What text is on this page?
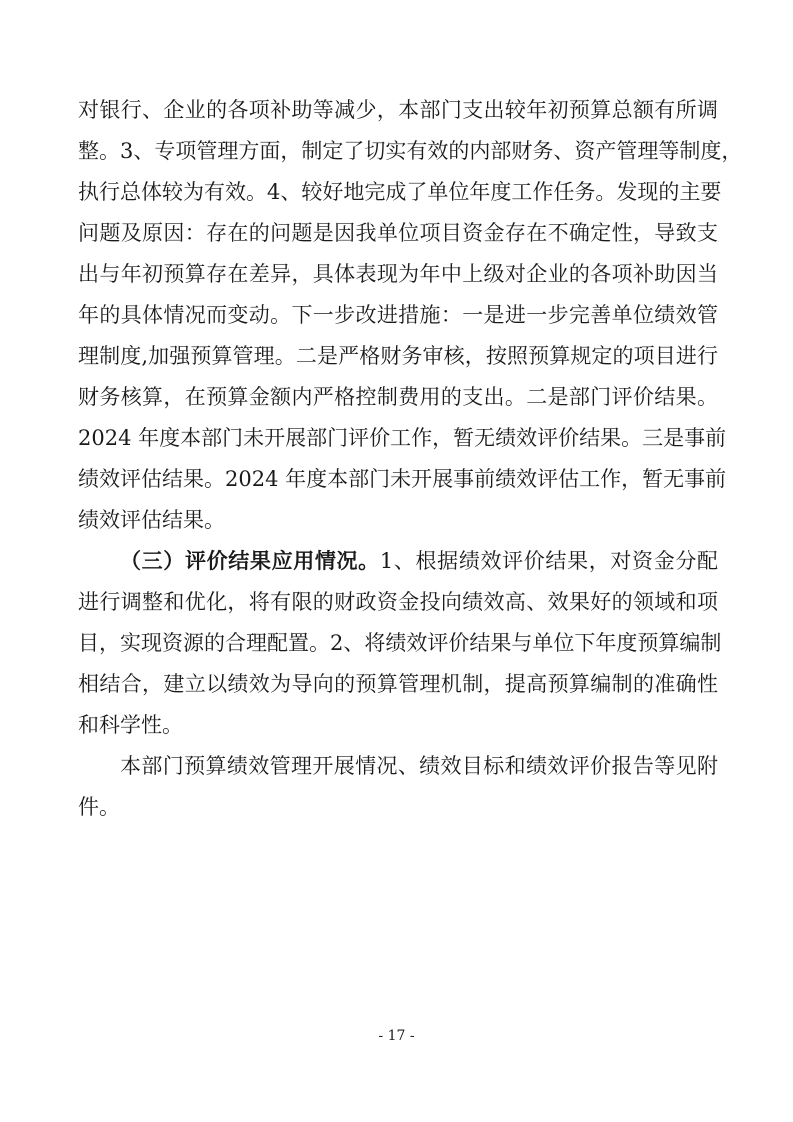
对银行、企业的各项补助等减少，本部门支出较年初预算总额有所调
整。3、专项管理方面，制定了切实有效的内部财务、资产管理等制度，
执行总体较为有效。4、较好地完成了单位年度工作任务。发现的主要
问题及原因：存在的问题是因我单位项目资金存在不确定性，导致支
出与年初预算存在差异，具体表现为年中上级对企业的各项补助因当
年的具体情况而变动。下一步改进措施：一是进一步完善单位绩效管
理制度,加强预算管理。二是严格财务审核，按照预算规定的项目进行
财务核算，在预算金额内严格控制费用的支出。二是部门评价结果。
2024 年度本部门未开展部门评价工作，暂无绩效评价结果。三是事前
绩效评估结果。2024 年度本部门未开展事前绩效评估工作，暂无事前
绩效评估结果。
（三）评价结果应用情况。1、根据绩效评价结果，对资金分配
进行调整和优化，将有限的财政资金投向绩效高、效果好的领域和项
目，实现资源的合理配置。2、将绩效评价结果与单位下年度预算编制
相结合，建立以绩效为导向的预算管理机制，提高预算编制的准确性
和科学性。
本部门预算绩效管理开展情况、绩效目标和绩效评价报告等见附
件。
- 17 -
